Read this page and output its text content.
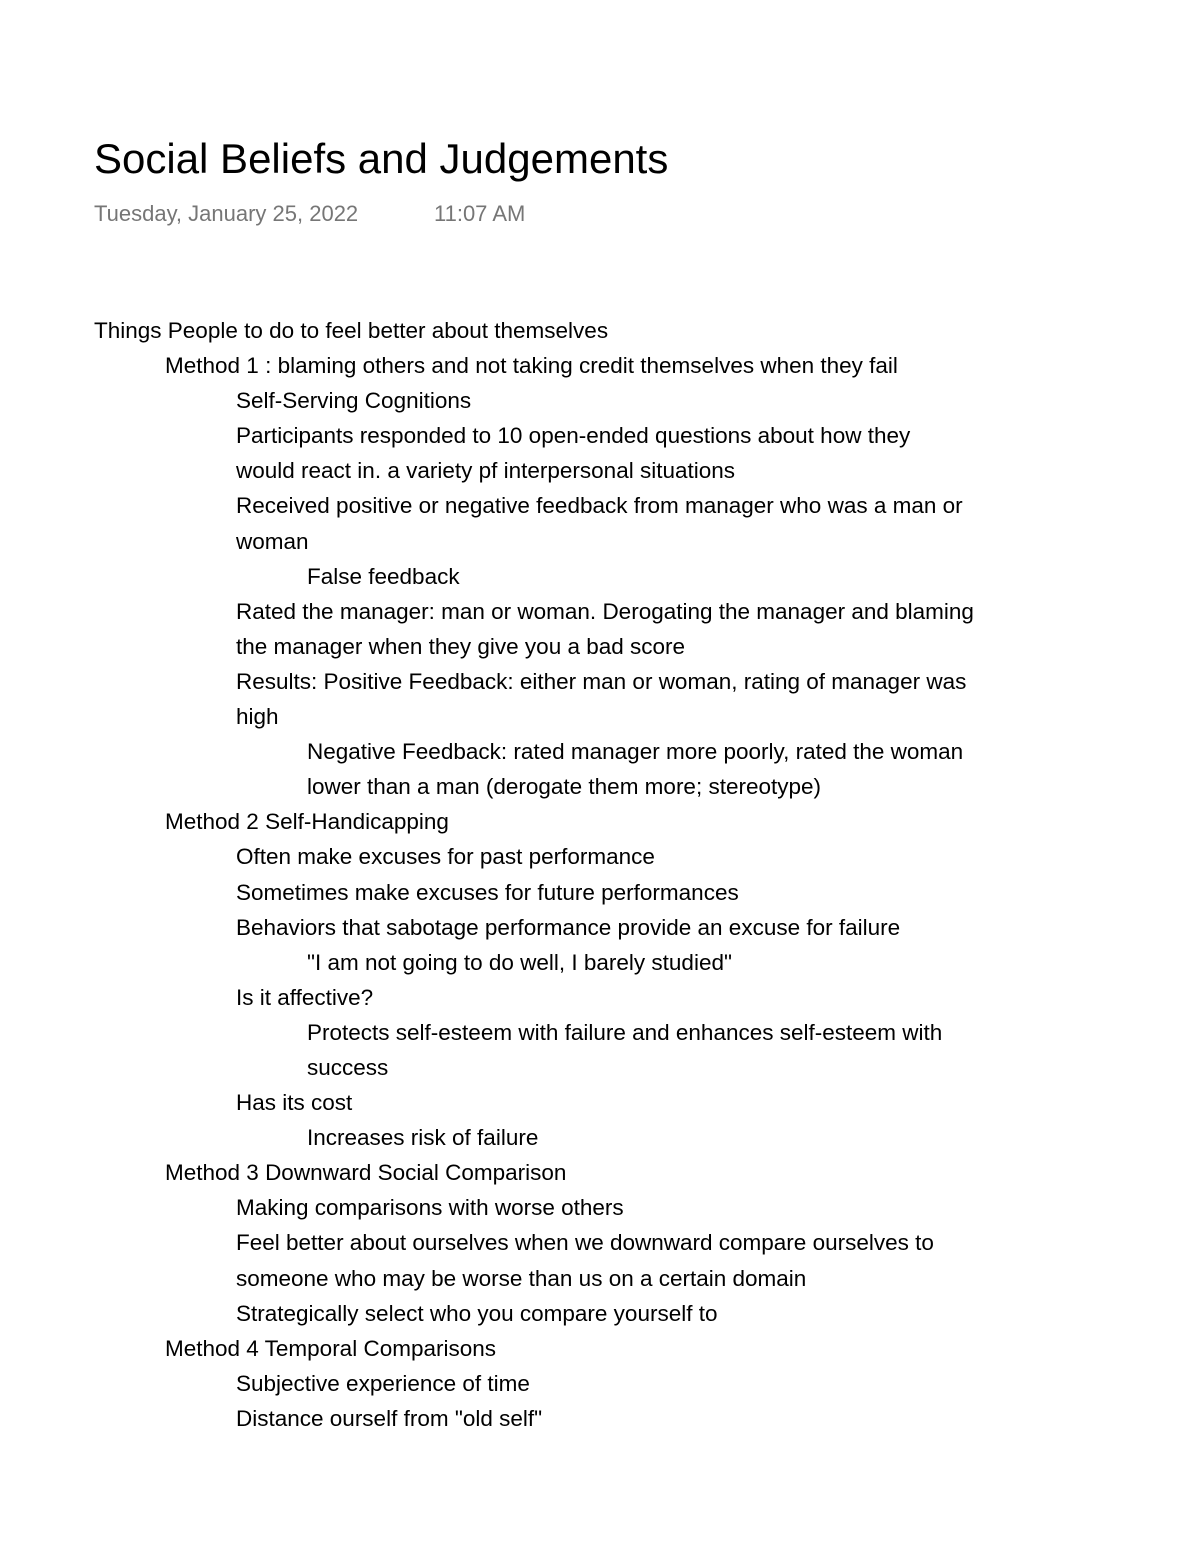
Social Beliefs and Judgements
Tuesday, January 25, 2022	11:07 AM
Things People to do to feel better about themselves
Method 1 : blaming others and not taking credit themselves when they fail
Self-Serving Cognitions
Participants responded to 10 open-ended questions about how they
would react in. a variety pf interpersonal situations
Received positive or negative feedback from manager who was a man or
woman
False feedback
Rated the manager: man or woman. Derogating the manager and blaming
the manager when they give you a bad score
Results: Positive Feedback: either man or woman, rating of manager was
high
Negative Feedback: rated manager more poorly, rated the woman
lower than a man (derogate them more; stereotype)
Method 2 Self-Handicapping
Often make excuses for past performance
Sometimes make excuses for future performances
Behaviors that sabotage performance provide an excuse for failure
"I am not going to do well, I barely studied"
Is it affective?
Protects self-esteem with failure and enhances self-esteem with
success
Has its cost
Increases risk of failure
Method 3 Downward Social Comparison
Making comparisons with worse others
Feel better about ourselves when we downward compare ourselves to
someone who may be worse than us on a certain domain
Strategically select who you compare yourself to
Method 4 Temporal Comparisons
Subjective experience of time
Distance ourself from "old self"
